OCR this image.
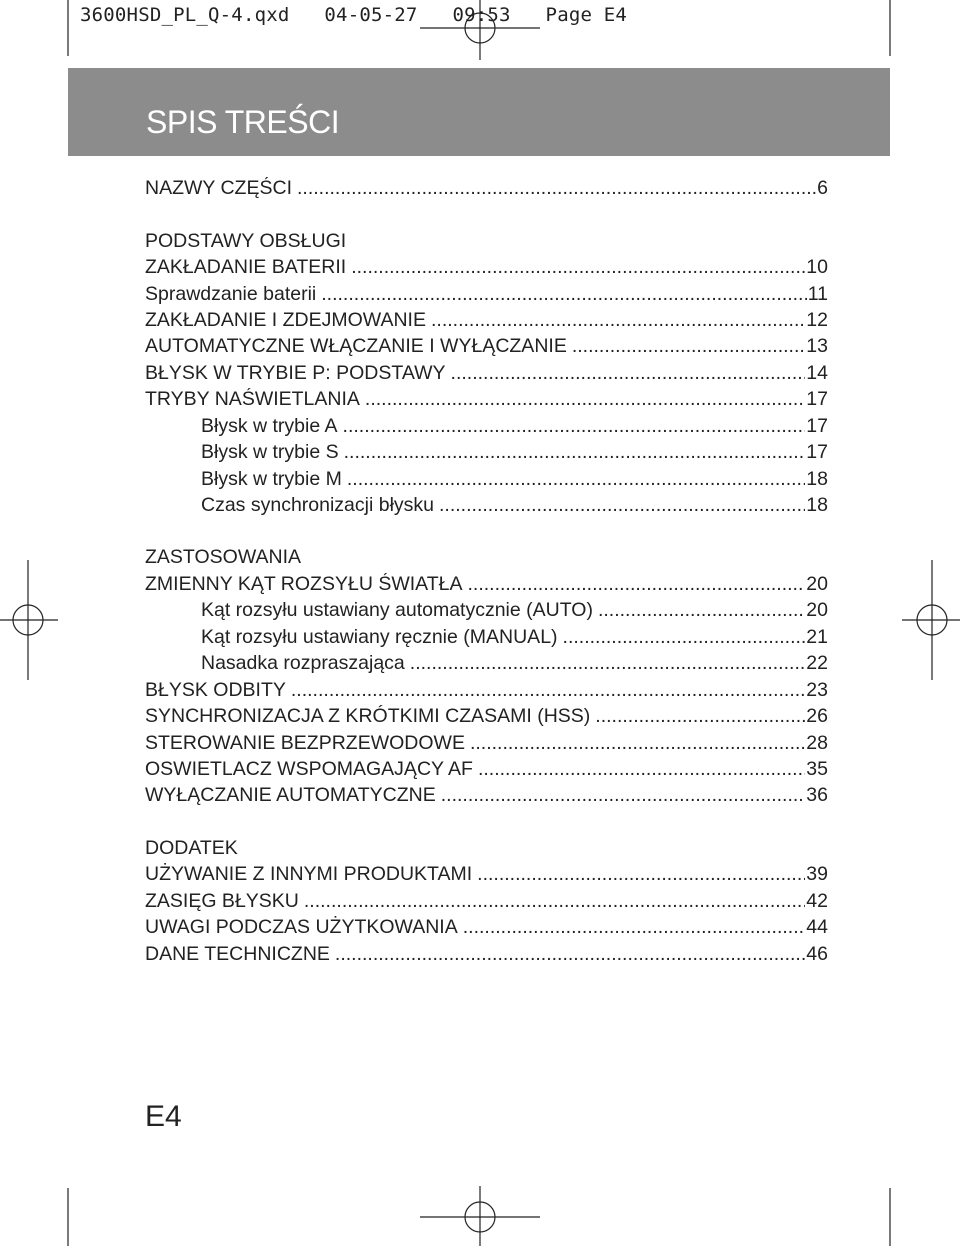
3600HSD_PL_Q-4.qxd   04-05-27   09:53   Page E4
SPIS TREŚCI
NAZWY CZĘŚCI .....	6
PODSTAWY OBSŁUGI
ZAKŁADANIE BATERII .....	10
Sprawdzanie baterii .....	11
ZAKŁADANIE I ZDEJMOWANIE .....	12
AUTOMATYCZNE WŁĄCZANIE I WYŁĄCZANIE .....	13
BŁYSK W TRYBIE P: PODSTAWY .....	14
TRYBY NAŚWIETLANIA .....	17
Błysk w trybie A .....	17
Błysk w trybie S .....	17
Błysk w trybie M .....	18
Czas synchronizacji błysku .....	18
ZASTOSOWANIA
ZMIENNY KĄT ROZSYŁU ŚWIATŁA .....	20
Kąt rozsyłu ustawiany automatycznie (AUTO) .....	20
Kąt rozsyłu ustawiany ręcznie (MANUAL) .....	21
Nasadka rozpraszająca .....	22
BŁYSK ODBITY .....	23
SYNCHRONIZACJA Z KRÓTKIMI CZASAMI (HSS) .....	26
STEROWANIE BEZPRZEWODOWE .....	28
OSWIETLACZ WSPOMAGAJĄCY AF .....	35
WYŁĄCZANIE AUTOMATYCZNE .....	36
DODATEK
UŻYWANIE Z INNYMI PRODUKTAMI .....	39
ZASIĘG BŁYSKU .....	42
UWAGI PODCZAS UŻYTKOWANIA .....	44
DANE TECHNICZNE .....	46
E4
